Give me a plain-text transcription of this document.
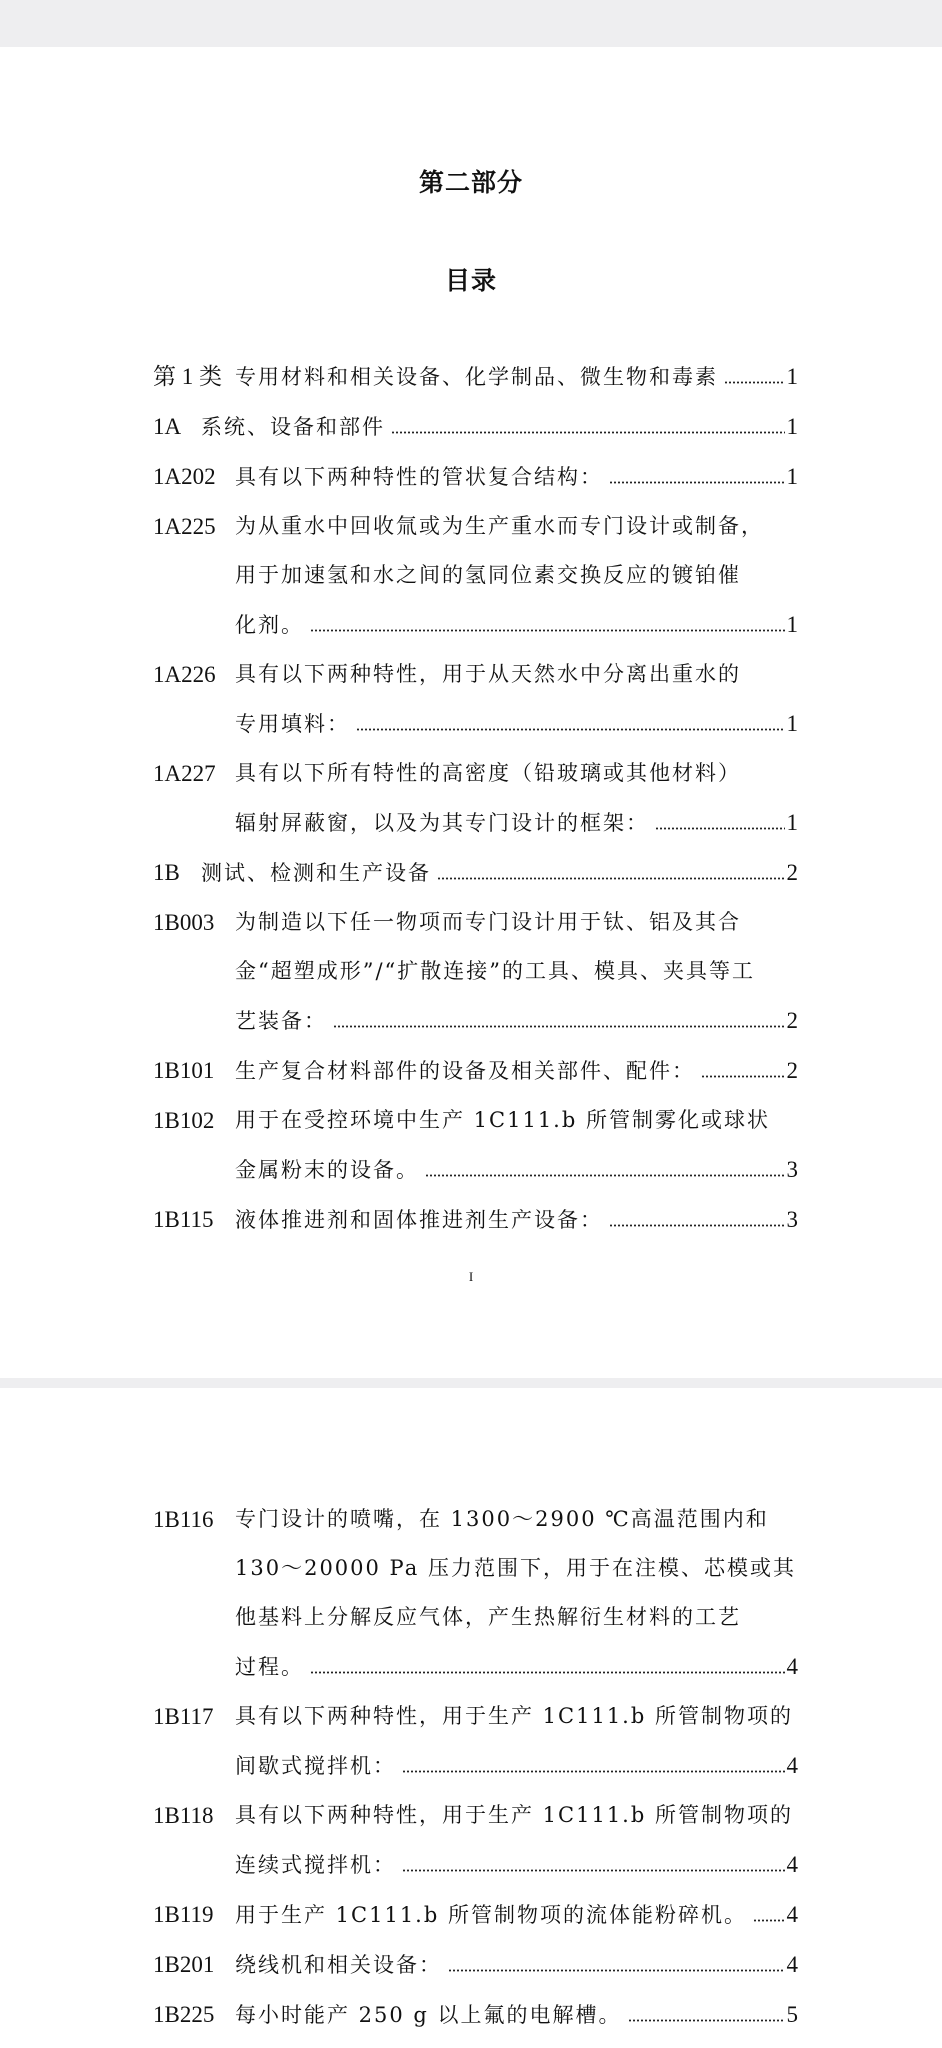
第二部分
目录
第 1 类 专用材料和相关设备、化学制品、微生物和毒素	1
1A 系统、设备和部件	1
1A202 具有以下两种特性的管状复合结构：	1
1A225 为从重水中回收氚或为生产重水而专门设计或制备，
用于加速氢和水之间的氢同位素交换反应的镀铂催
化剂。	1
1A226 具有以下两种特性，用于从天然水中分离出重水的
专用填料：	1
1A227 具有以下所有特性的高密度（铅玻璃或其他材料）
辐射屏蔽窗，以及为其专门设计的框架：	1
1B	测试、检测和生产设备	2
1B003 为制造以下任一物项而专门设计用于钛、铝及其合
金“超塑成形”/“扩散连接”的工具、模具、夹具等工
艺装备：	2
1B101 生产复合材料部件的设备及相关部件、配件：	2
1B102 用于在受控环境中生产 1C111.b 所管制雾化或球状
金属粉末的设备。	3
1B115	液体推进剂和固体推进剂生产设备：	3
I
1B116	专门设计的喷嘴，在 1300～2900 ℃高温范围内和
130～20000 Pa 压力范围下，用于在注模、芯模或其
他基料上分解反应气体，产生热解衍生材料的工艺
过程。	4
1B117	具有以下两种特性，用于生产 1C111.b 所管制物项的
间歇式搅拌机：	4
1B118	具有以下两种特性，用于生产 1C111.b 所管制物项的
连续式搅拌机：	4
1B119	用于生产 1C111.b 所管制物项的流体能粉碎机。 4
1B201 绕线机和相关设备：	4
1B225 每小时能产 250 g 以上氟的电解槽。	5
